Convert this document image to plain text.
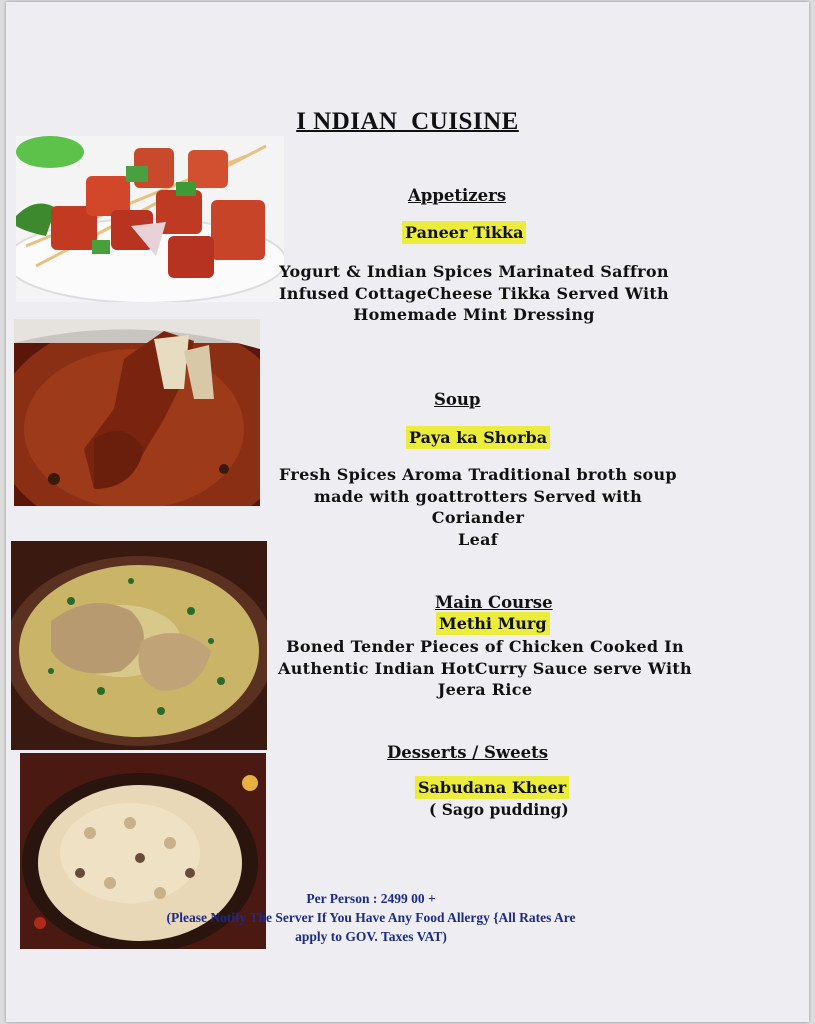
I NDIAN  CUISINE
Appetizers
Paneer Tikka
Yogurt & Indian Spices Marinated Saffron
Infused CottageCheese Tikka Served With
Homemade Mint Dressing
Soup
Paya ka Shorba
Fresh Spices Aroma Traditional broth soup
made with goattrotters Served with Coriander
Leaf
Main Course
Methi Murg
Boned Tender Pieces of Chicken Cooked In
Authentic Indian HotCurry Sauce serve With
Jeera Rice
Desserts / Sweets
Sabudana Kheer
( Sago pudding)
Per Person : 2499 00 +
(Please Notify The Server If You Have Any Food Allergy {All Rates Are
apply to GOV. Taxes VAT)
